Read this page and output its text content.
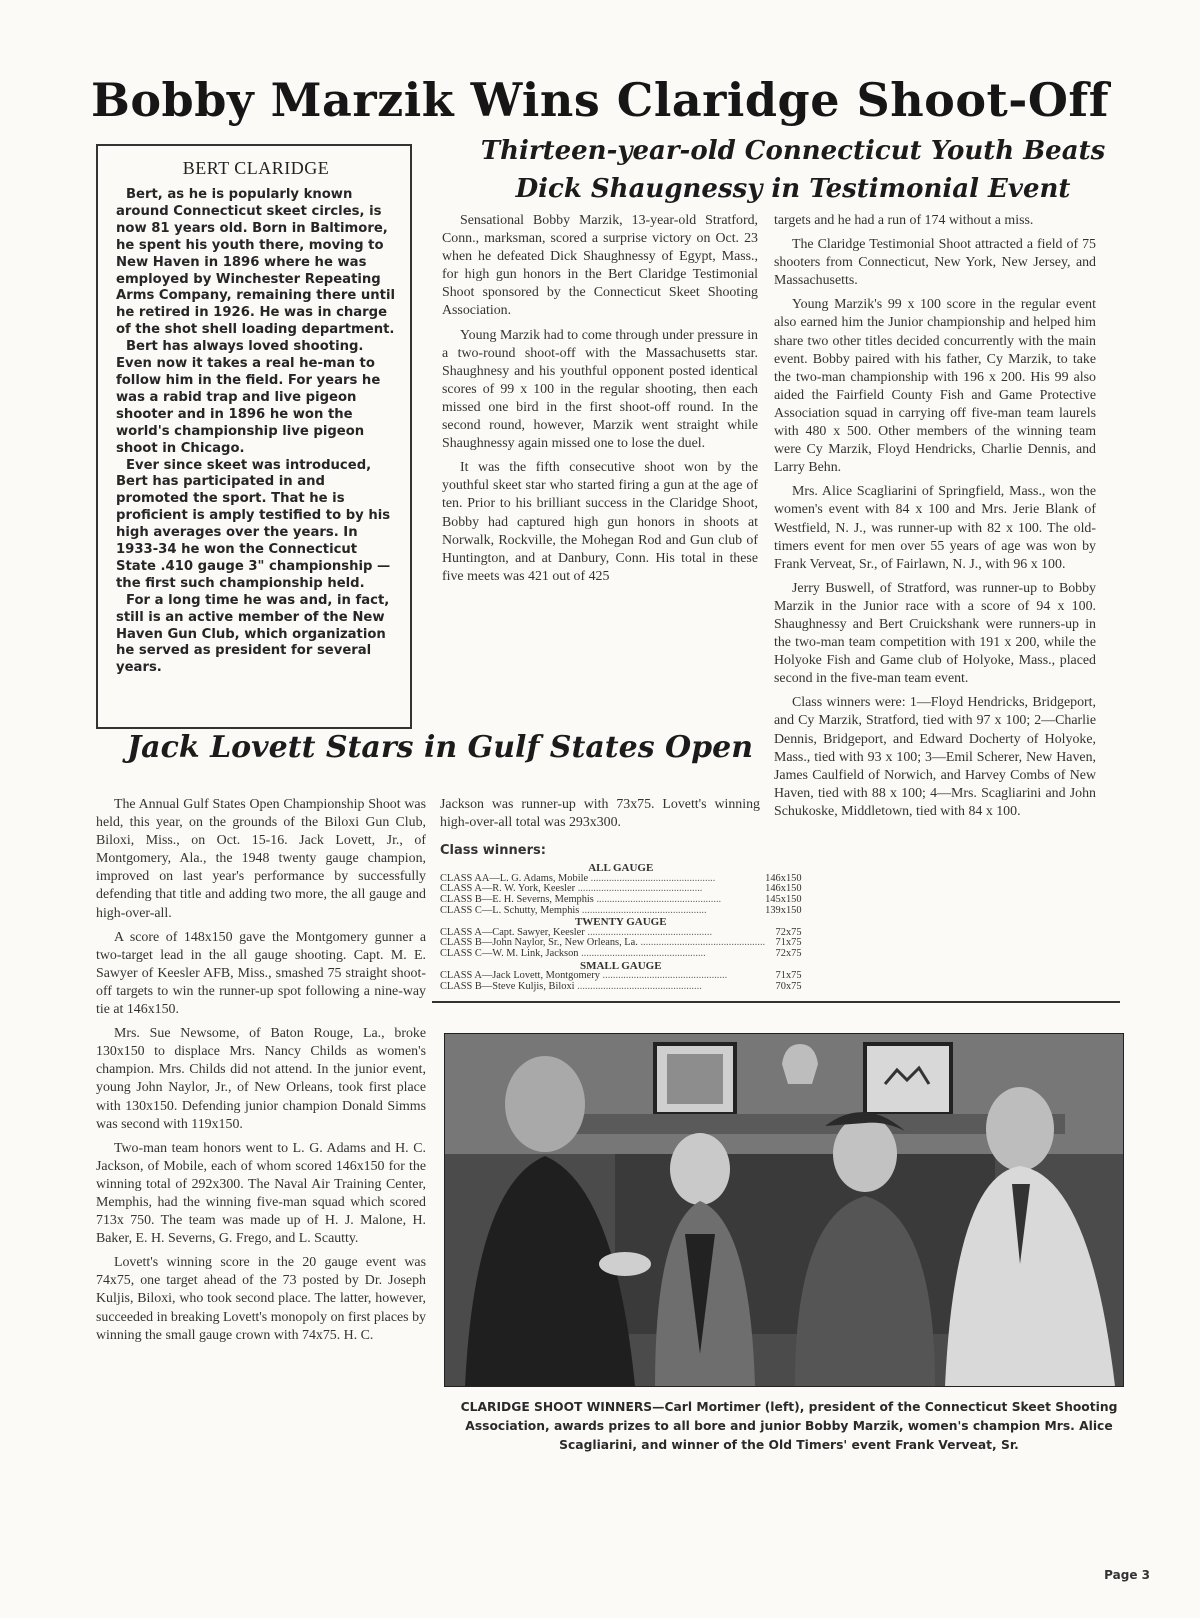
Bobby Marzik Wins Claridge Shoot-Off
BERT CLARIDGE

Bert, as he is popularly known around Connecticut skeet circles, is now 81 years old. Born in Baltimore, he spent his youth there, moving to New Haven in 1896 where he was employed by Winchester Repeating Arms Company, remaining there until he retired in 1926. He was in charge of the shot shell loading department.

Bert has always loved shooting. Even now it takes a real he-man to follow him in the field. For years he was a rabid trap and live pigeon shooter and in 1896 he won the world's championship live pigeon shoot in Chicago.

Ever since skeet was introduced, Bert has participated in and promoted the sport. That he is proficient is amply testified to by his high averages over the years. In 1933-34 he won the Connecticut State .410 gauge 3" championship —the first such championship held.

For a long time he was and, in fact, still is an active member of the New Haven Gun Club, which organization he served as president for several years.

Thirteen-year-old Connecticut Youth Beats
Dick Shaugnessy in Testimonial Event

Sensational Bobby Marzik, 13-year-old Stratford, Conn., marksman, scored a surprise victory on Oct. 23 when he defeated Dick Shaughnessy of Egypt, Mass., for high gun honors in the Bert Claridge Testimonial Shoot sponsored by the Connecticut Skeet Shooting Association.

Young Marzik had to come through under pressure in a two-round shoot-off with the Massachusetts star. Shaughnesy and his youthful opponent posted identical scores of 99 x 100 in the regular shooting, then each missed one bird in the first shoot-off round. In the second round, however, Marzik went straight while Shaughnessy again missed one to lose the duel.

It was the fifth consecutive shoot won by the youthful skeet star who started firing a gun at the age of ten. Prior to his brilliant success in the Claridge Shoot, Bobby had captured high gun honors in shoots at Norwalk, Rockville, the Mohegan Rod and Gun club of Huntington, and at Danbury, Conn. His total in these five meets was 421 out of 425

targets and he had a run of 174 without a miss.

The Claridge Testimonial Shoot attracted a field of 75 shooters from Connecticut, New York, New Jersey, and Massachusetts.

Young Marzik's 99 x 100 score in the regular event also earned him the Junior championship and helped him share two other titles decided concurrently with the main event. Bobby paired with his father, Cy Marzik, to take the two-man championship with 196 x 200. His 99 also aided the Fairfield County Fish and Game Protective Association squad in carrying off five-man team laurels with 480 x 500. Other members of the winning team were Cy Marzik, Floyd Hendricks, Charlie Dennis, and Larry Behn.

Mrs. Alice Scagliarini of Springfield, Mass., won the women's event with 84 x 100 and Mrs. Jerie Blank of Westfield, N. J., was runner-up with 82 x 100. The old-timers event for men over 55 years of age was won by Frank Verveat, Sr., of Fairlawn, N. J., with 96 x 100.

Jerry Buswell, of Stratford, was runner-up to Bobby Marzik in the Junior race with a score of 94 x 100. Shaughnessy and Bert Cruickshank were runners-up in the two-man team competition with 191 x 200, while the Holyoke Fish and Game club of Holyoke, Mass., placed second in the five-man team event.

Class winners were: 1—Floyd Hendricks, Bridgeport, and Cy Marzik, Stratford, tied with 97 x 100; 2—Charlie Dennis, Bridgeport, and Edward Docherty of Holyoke, Mass., tied with 93 x 100; 3—Emil Scherer, New Haven, James Caulfield of Norwich, and Harvey Combs of New Haven, tied with 88 x 100; 4—Mrs. Scagliarini and John Schukoske, Middletown, tied with 84 x 100.

Jack Lovett Stars in Gulf States Open

The Annual Gulf States Open Championship Shoot was held, this year, on the grounds of the Biloxi Gun Club, Biloxi, Miss., on Oct. 15-16. Jack Lovett, Jr., of Montgomery, Ala., the 1948 twenty gauge champion, improved on last year's performance by successfully defending that title and adding two more, the all gauge and high-over-all.

A score of 148x150 gave the Montgomery gunner a two-target lead in the all gauge shooting. Capt. M. E. Sawyer of Keesler AFB, Miss., smashed 75 straight shoot-off targets to win the runner-up spot following a nine-way tie at 146x150.

Mrs. Sue Newsome, of Baton Rouge, La., broke 130x150 to displace Mrs. Nancy Childs as women's champion. Mrs. Childs did not attend. In the junior event, young John Naylor, Jr., of New Orleans, took first place with 130x150. Defending junior champion Donald Simms was second with 119x150.

Two-man team honors went to L. G. Adams and H. C. Jackson, of Mobile, each of whom scored 146x150 for the winning total of 292x300. The Naval Air Training Center, Memphis, had the winning five-man squad which scored 713x 750. The team was made up of H. J. Malone, H. Baker, E. H. Severns, G. Frego, and L. Scautty.

Lovett's winning score in the 20 gauge event was 74x75, one target ahead of the 73 posted by Dr. Joseph Kuljis, Biloxi, who took second place. The latter, however, succeeded in breaking Lovett's monopoly on first places by winning the small gauge crown with 74x75. H. C.

Jackson was runner-up with 73x75. Lovett's winning high-over-all total was 293x300.

Class winners:

ALL GAUGE	
CLASS AA—L. G. Adams, Mobile .....	146x150
CLASS A—R. W. York, Keesler .....	146x150
CLASS B—E. H. Severns, Memphis .....	145x150
CLASS C—L. Schutty, Memphis .....	139x150
TWENTY GAUGE	
CLASS A—Capt. Sawyer, Keesler .....	72x75
CLASS B—John Naylor, Sr., New Orleans, La. .....	71x75
CLASS C—W. M. Link, Jackson .....	72x75
SMALL GAUGE	
CLASS A—Jack Lovett, Montgomery .....	71x75
CLASS B—Steve Kuljis, Biloxi .....	70x75

CLARIDGE SHOOT WINNERS—Carl Mortimer (left), president of the Connecticut Skeet Shooting Association, awards prizes to all bore and junior Bobby Marzik, women's champion Mrs. Alice Scagliarini, and winner of the Old Timers' event Frank Verveat, Sr.

Page 3
